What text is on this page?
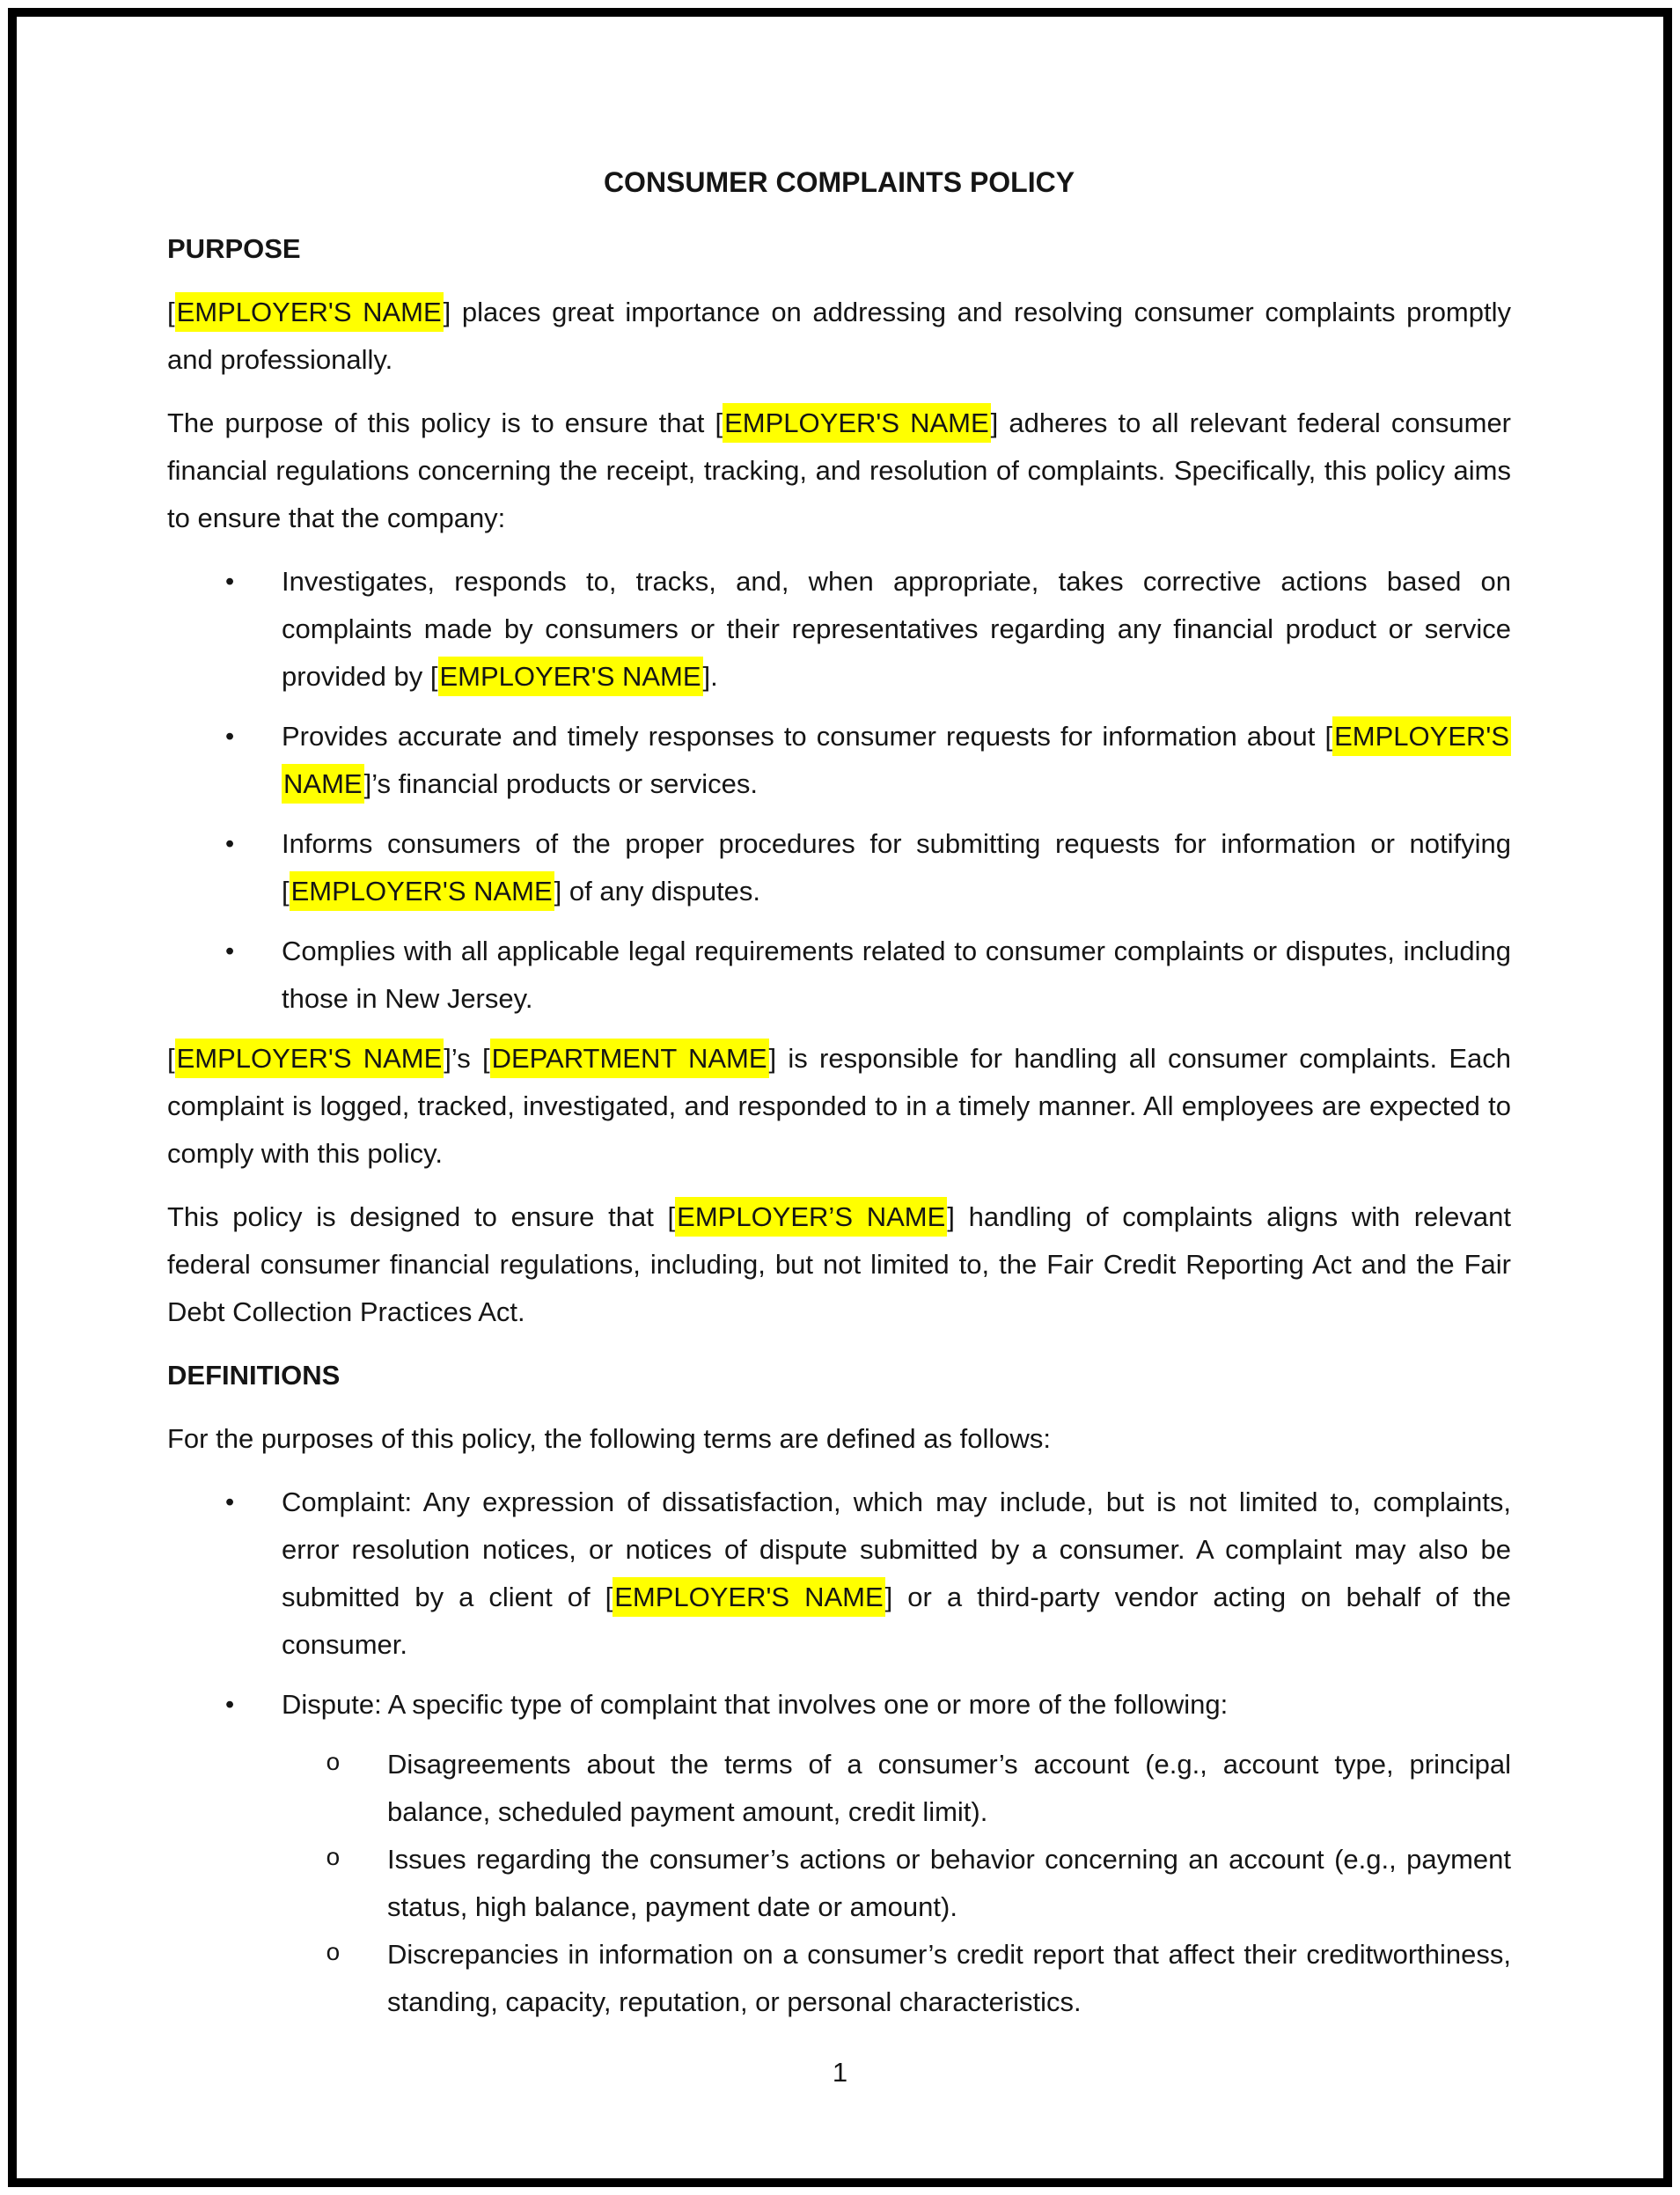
CONSUMER COMPLAINTS POLICY
PURPOSE
[EMPLOYER'S NAME] places great importance on addressing and resolving consumer complaints promptly and professionally.
The purpose of this policy is to ensure that [EMPLOYER'S NAME] adheres to all relevant federal consumer financial regulations concerning the receipt, tracking, and resolution of complaints. Specifically, this policy aims to ensure that the company:
• Investigates, responds to, tracks, and, when appropriate, takes corrective actions based on complaints made by consumers or their representatives regarding any financial product or service provided by [EMPLOYER'S NAME].
• Provides accurate and timely responses to consumer requests for information about [EMPLOYER'S NAME]’s financial products or services.
• Informs consumers of the proper procedures for submitting requests for information or notifying [EMPLOYER'S NAME] of any disputes.
• Complies with all applicable legal requirements related to consumer complaints or disputes, including those in New Jersey.
[EMPLOYER'S NAME]’s [DEPARTMENT NAME] is responsible for handling all consumer complaints. Each complaint is logged, tracked, investigated, and responded to in a timely manner. All employees are expected to comply with this policy.
This policy is designed to ensure that [EMPLOYER’S NAME] handling of complaints aligns with relevant federal consumer financial regulations, including, but not limited to, the Fair Credit Reporting Act and the Fair Debt Collection Practices Act.
DEFINITIONS
For the purposes of this policy, the following terms are defined as follows:
• Complaint: Any expression of dissatisfaction, which may include, but is not limited to, complaints, error resolution notices, or notices of dispute submitted by a consumer. A complaint may also be submitted by a client of [EMPLOYER'S NAME] or a third-party vendor acting on behalf of the consumer.
• Dispute: A specific type of complaint that involves one or more of the following:
o Disagreements about the terms of a consumer’s account (e.g., account type, principal balance, scheduled payment amount, credit limit).
o Issues regarding the consumer’s actions or behavior concerning an account (e.g., payment status, high balance, payment date or amount).
o Discrepancies in information on a consumer’s credit report that affect their creditworthiness, standing, capacity, reputation, or personal characteristics.
1
